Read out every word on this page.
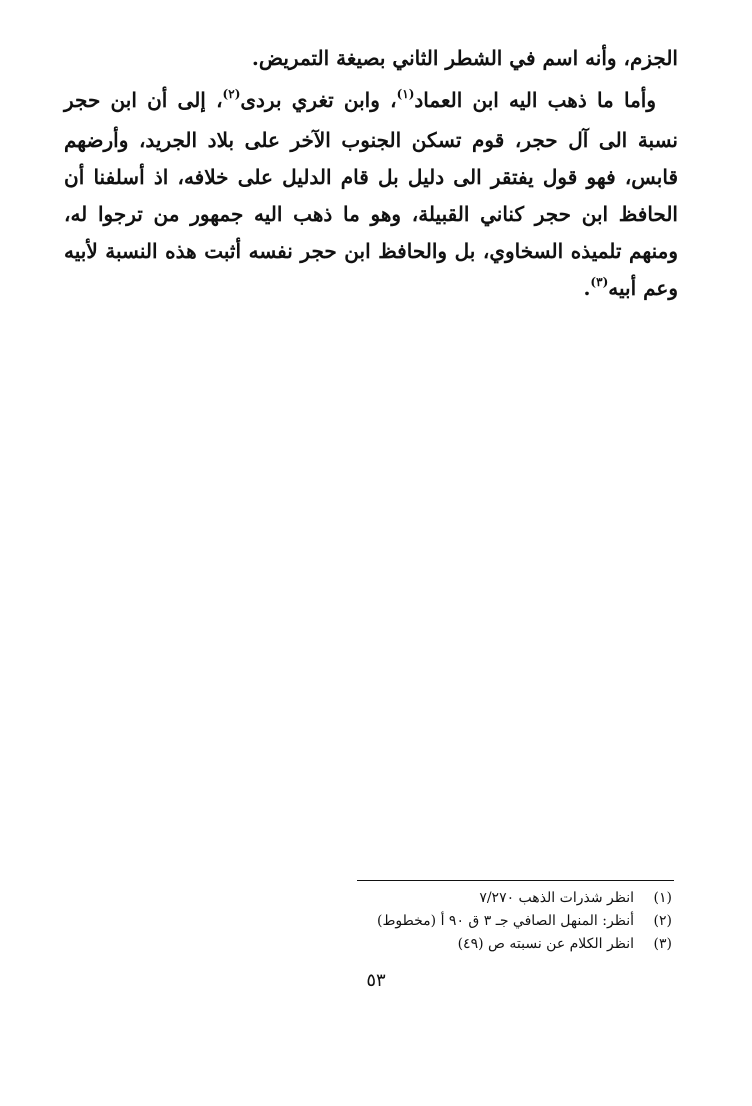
الجزم، وأنه اسم في الشطر الثاني بصيغة التمريض.

وأما ما ذهب اليه ابن العماد$^{(١)}$، وابن تغري بردى$^{(٢)}$، إلى أن ابن حجر نسبة الى آل حجر، قوم تسكن الجنوب الآخر على بلاد الجريد، وأرضهم قابس، فهو قول يفتقر الى دليل بل قام الدليل على خلافه، اذ أسلفنا أن الحافظ ابن حجر كناني القبيلة، وهو ما ذهب اليه جمهور من ترجوا له، ومنهم تلميذه السخاوي، بل والحافظ ابن حجر نفسه أثبت هذه النسبة لأبيه وعم أبيه$^{(٣)}$.

(١)انظر شذرات الذهب ٧/٢٧٠
(٢)أنظر: المنهل الصافي جـ ٣ ق ٩٠ أ (مخطوط)
(٣)انظر الكلام عن نسبته ص (٤٩)
٥٣
